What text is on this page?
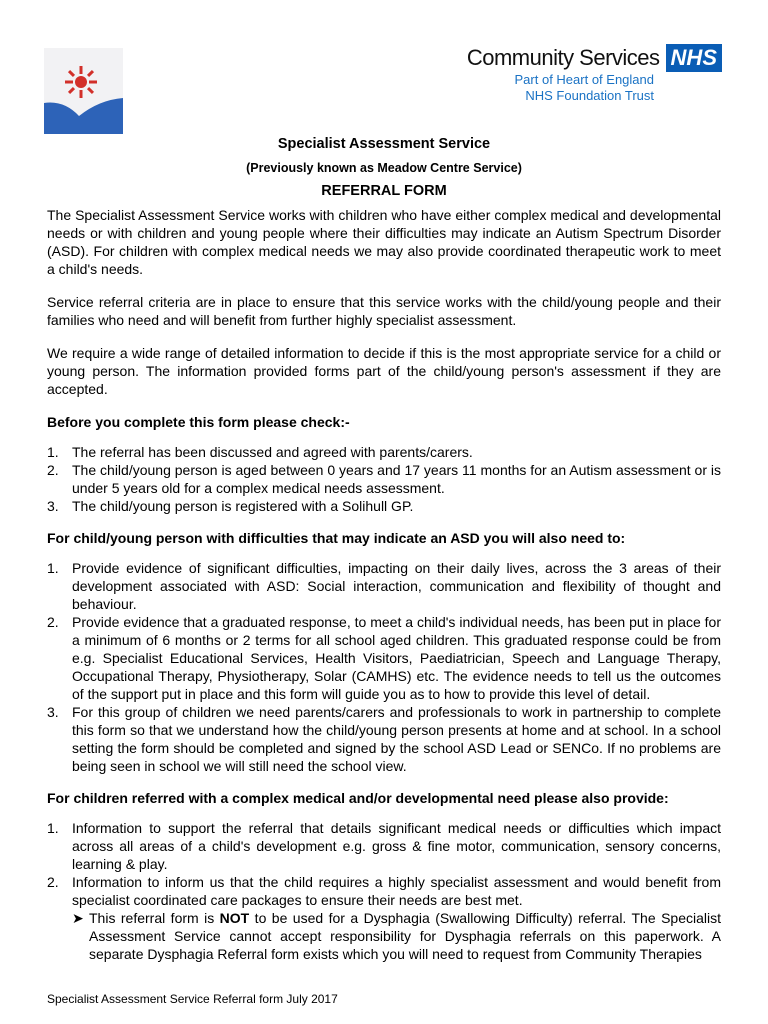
Community Services NHS
Part of Heart of England
NHS Foundation Trust
Specialist Assessment Service
(Previously known as Meadow Centre Service)
REFERRAL FORM

The Specialist Assessment Service works with children who have either complex medical and developmental needs or with children and young people where their difficulties may indicate an Autism Spectrum Disorder (ASD). For children with complex medical needs we may also provide coordinated therapeutic work to meet a child's needs.

Service referral criteria are in place to ensure that this service works with the child/young people and their families who need and will benefit from further highly specialist assessment.

We require a wide range of detailed information to decide if this is the most appropriate service for a child or young person. The information provided forms part of the child/young person's assessment if they are accepted.

Before you complete this form please check:-
1. The referral has been discussed and agreed with parents/carers.
2. The child/young person is aged between 0 years and 17 years 11 months for an Autism assessment or is under 5 years old for a complex medical needs assessment.
3. The child/young person is registered with a Solihull GP.
For child/young person with difficulties that may indicate an ASD you will also need to:
1. Provide evidence of significant difficulties, impacting on their daily lives, across the 3 areas of their development associated with ASD: Social interaction, communication and flexibility of thought and behaviour.
2. Provide evidence that a graduated response, to meet a child's individual needs, has been put in place for a minimum of 6 months or 2 terms for all school aged children. This graduated response could be from e.g. Specialist Educational Services, Health Visitors, Paediatrician, Speech and Language Therapy, Occupational Therapy, Physiotherapy, Solar (CAMHS) etc. The evidence needs to tell us the outcomes of the support put in place and this form will guide you as to how to provide this level of detail.
3. For this group of children we need parents/carers and professionals to work in partnership to complete this form so that we understand how the child/young person presents at home and at school. In a school setting the form should be completed and signed by the school ASD Lead or SENCo. If no problems are being seen in school we will still need the school view.
For children referred with a complex medical and/or developmental need please also provide:
1. Information to support the referral that details significant medical needs or difficulties which impact across all areas of a child's development e.g. gross & fine motor, communication, sensory concerns, learning & play.
2. Information to inform us that the child requires a highly specialist assessment and would benefit from specialist coordinated care packages to ensure their needs are best met.
➤ This referral form is NOT to be used for a Dysphagia (Swallowing Difficulty) referral. The Specialist Assessment Service cannot accept responsibility for Dysphagia referrals on this paperwork. A separate Dysphagia Referral form exists which you will need to request from Community Therapies
Specialist Assessment Service Referral form July 2017
